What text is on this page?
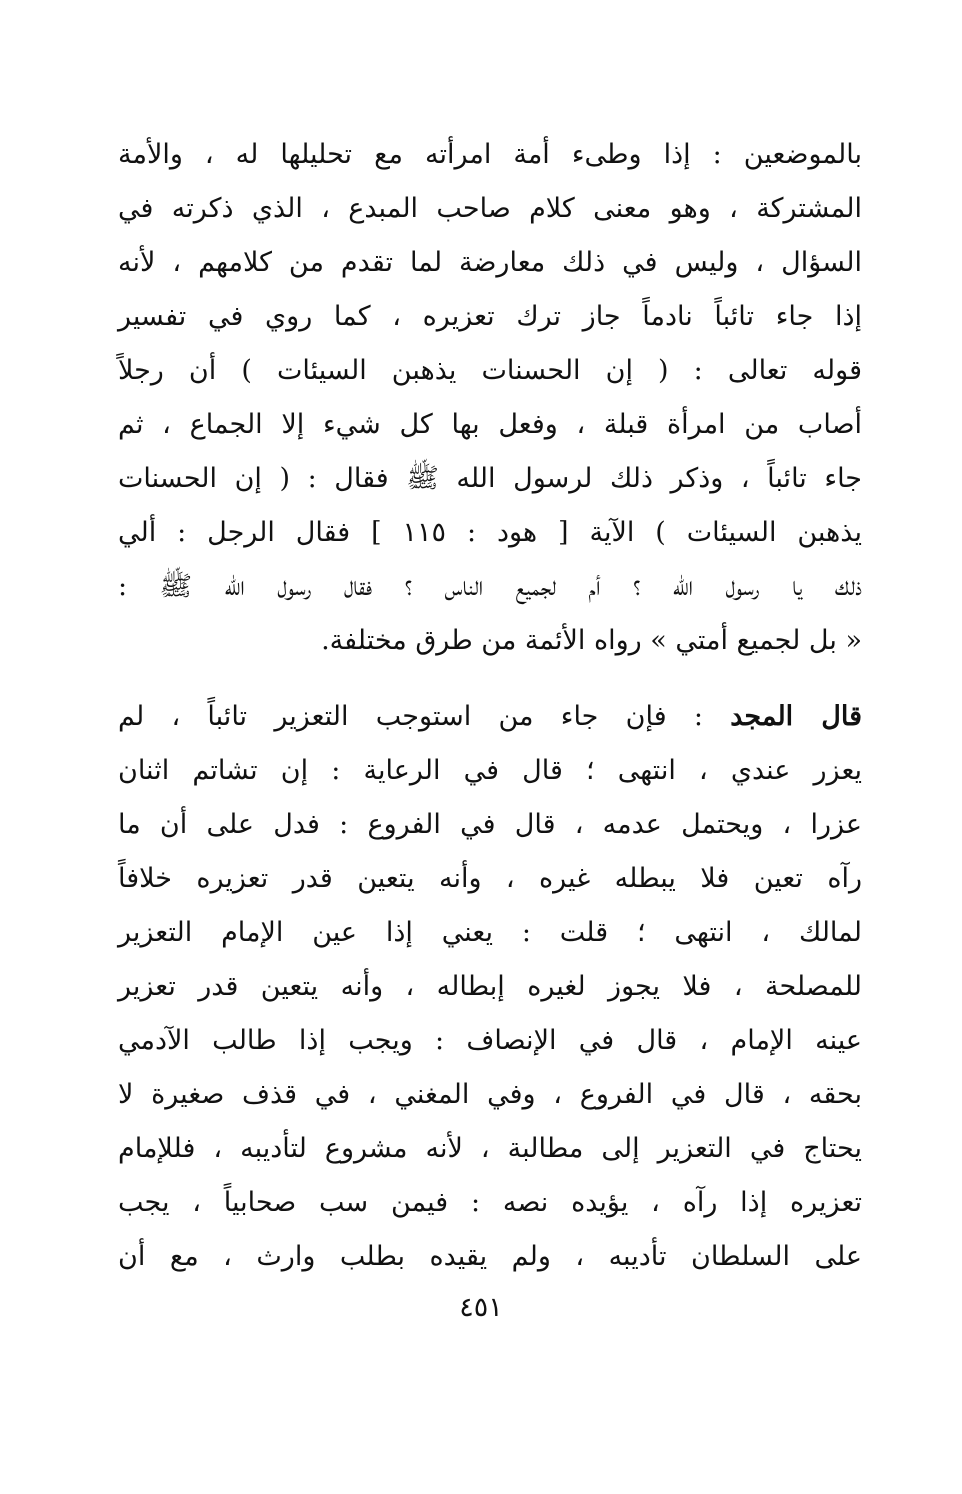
بالموضعين : إذا وطىء أمة امرأته مع تحليلها له ، والأمة
المشتركة ، وهو معنى كلام صاحب المبدع ، الذي ذكرته في
السؤال ، وليس في ذلك معارضة لما تقدم من كلامهم ، لأنه
إذا جاء تائباً نادماً جاز ترك تعزيره ، كما روي في تفسير
قوله تعالى : ( إن الحسنات يذهبن السيئات ) أن رجلاً
أصاب من امرأة قبلة ، وفعل بها كل شيء إلا الجماع ، ثم
جاء تائباً ، وذكر ذلك لرسول الله ﷺ فقال : ( إن الحسنات
يذهبن السيئات ) الآية [ هود : ١١٥ ] فقال الرجل : ألي
ذلك يا رسول الله ؟ أم لجميع الناس ؟ فقال رسول الله ﷺ :
« بل لجميع أمتي » رواه الأئمة من طرق مختلفة.
قال المجد : فإن جاء من استوجب التعزير تائباً ، لم
يعزر عندي ، انتهى ؛ قال في الرعاية : إن تشاتم اثنان
عزرا ، ويحتمل عدمه ، قال في الفروع : فدل على أن ما
رآه تعين فلا يبطله غيره ، وأنه يتعين قدر تعزيره خلافاً
لمالك ، انتهى ؛ قلت : يعني إذا عين الإمام التعزير
للمصلحة ، فلا يجوز لغيره إبطاله ، وأنه يتعين قدر تعزير
عينه الإمام ، قال في الإنصاف : ويجب إذا طالب الآدمي
بحقه ، قال في الفروع ، وفي المغني ، في قذف صغيرة لا
يحتاج في التعزير إلى مطالبة ، لأنه مشروع لتأديبه ، فللإمام
تعزيره إذا رآه ، يؤيده نصه : فيمن سب صحابياً ، يجب
على السلطان تأديبه ، ولم يقيده بطلب وارث ، مع أن
٤٥١
